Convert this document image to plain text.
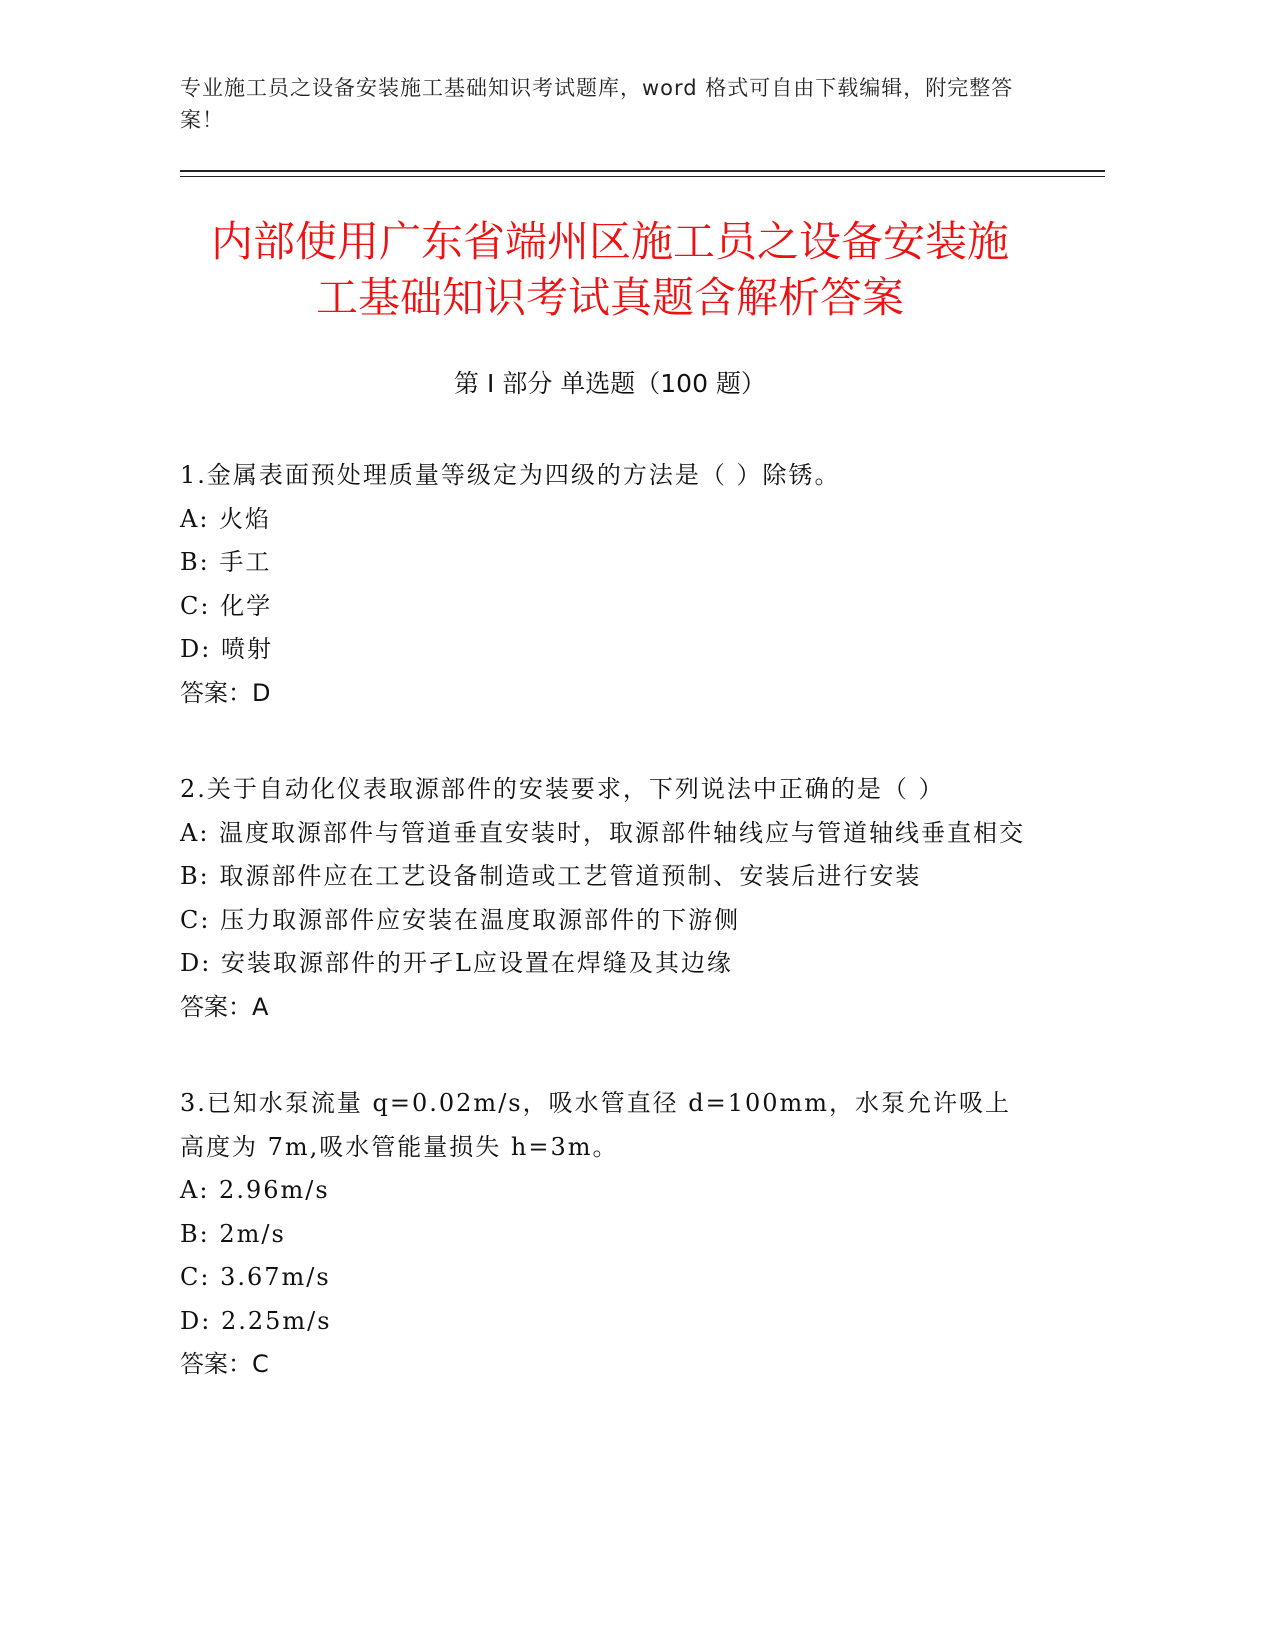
专业施工员之设备安装施工基础知识考试题库，word 格式可自由下载编辑，附完整答案！
内部使用广东省端州区施工员之设备安装施
工基础知识考试真题含解析答案
第 I 部分 单选题（100 题）
1.金属表面预处理质量等级定为四级的方法是（ ）除锈。
A: 火焰
B: 手工
C: 化学
D: 喷射
答案：D
2.关于自动化仪表取源部件的安装要求，下列说法中正确的是（ ）
A: 温度取源部件与管道垂直安装时，取源部件轴线应与管道轴线垂直相交
B: 取源部件应在工艺设备制造或工艺管道预制、安装后进行安装
C: 压力取源部件应安装在温度取源部件的下游侧
D: 安装取源部件的开孑L应设置在焊缝及其边缘
答案：A
3.已知水泵流量 q=0.02m/s，吸水管直径 d=100mm，水泵允许吸上高度为 7m,吸水管能量损失 h=3m。
A: 2.96m/s
B: 2m/s
C: 3.67m/s
D: 2.25m/s
答案：C
